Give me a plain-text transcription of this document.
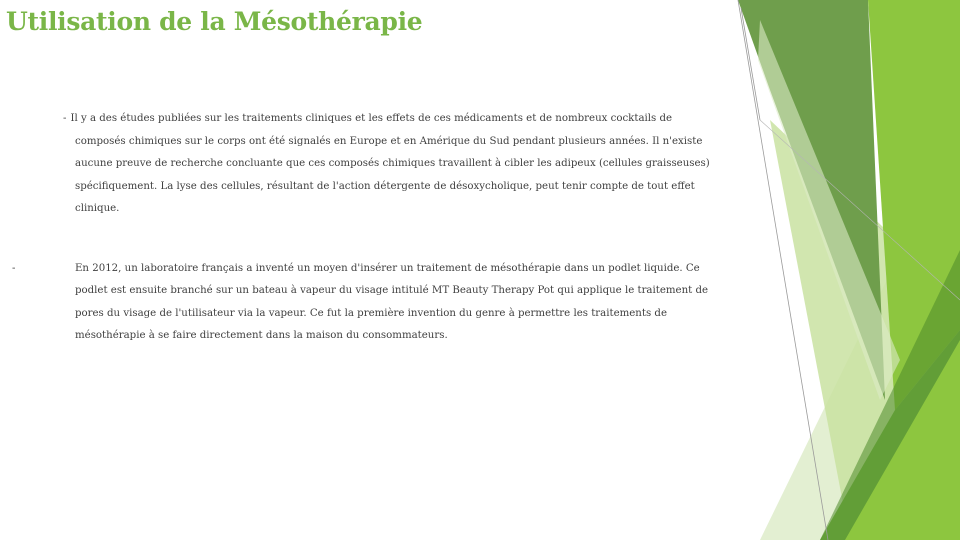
Utilisation de la Mésothérapie

- Il y a des études publiées sur les traitements cliniques et les effets de ces médicaments et de nombreux cocktails de composés chimiques sur le corps ont été signalés en Europe et en Amérique du Sud pendant plusieurs années. Il n'existe aucune preuve de recherche concluante que ces composés chimiques travaillent à cibler les adipeux (cellules graisseuses) spécifiquement. La lyse des cellules, résultant de l'action détergente de désoxycholique, peut tenir compte de tout effet clinique.

-	En 2012, un laboratoire français a inventé un moyen d'insérer un traitement de mésothérapie dans un podlet liquide. Ce podlet est ensuite branché sur un bateau à vapeur du visage intitulé MT Beauty Therapy Pot qui applique le traitement de pores du visage de l'utilisateur via la vapeur. Ce fut la première invention du genre à permettre les traitements de mésothérapie à se faire directement dans la maison du consommateurs.
